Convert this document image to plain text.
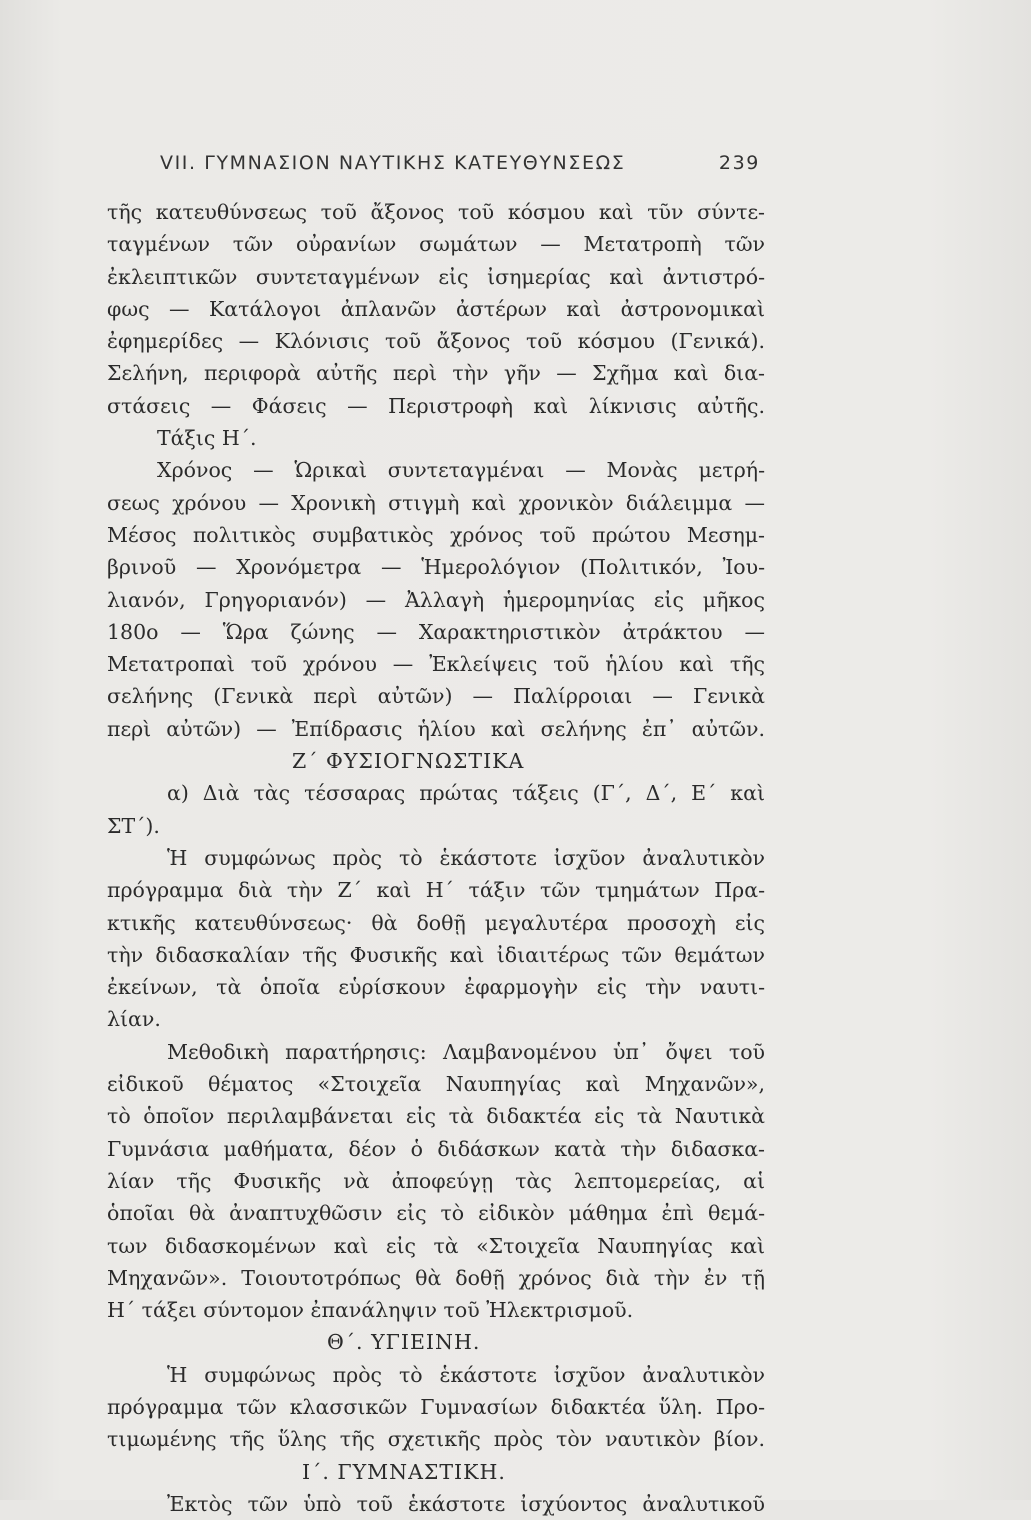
VII. ΓΥΜΝΑΣΙΟΝ ΝΑΥΤΙΚΗΣ ΚΑΤΕΥΘΥΝΣΕΩΣ	239
τῆς κατευθύνσεως τοῦ ἄξονος τοῦ κόσμου καὶ τῦν σύντε-
ταγμένων τῶν οὐρανίων σωμάτων — Μετατροπὴ τῶν
ἐκλειπτικῶν συντεταγμένων εἰς ἰσημερίας καὶ ἀντιστρό-
φως — Κατάλογοι ἀπλανῶν ἀστέρων καὶ ἀστρονομικαὶ
ἐφημερίδες — Κλόνισις τοῦ ἄξονος τοῦ κόσμου (Γενικά).
Σελήνη, περιφορὰ αὐτῆς περὶ τὴν γῆν — Σχῆμα καὶ δια-
στάσεις — Φάσεις — Περιστροφὴ καὶ λίκνισις αὐτῆς.
Τάξις Η΄.
Χρόνος — Ὡρικαὶ συντεταγμέναι — Μονὰς μετρή-
σεως χρόνου — Χρονικὴ στιγμὴ καὶ χρονικὸν διάλειμμα —
Μέσος πολιτικὸς συμβατικὸς χρόνος τοῦ πρώτου Μεσημ-
βρινοῦ — Χρονόμετρα — Ἡμερολόγιον (Πολιτικόν, Ἰου-
λιανόν, Γρηγοριανόν) — Ἀλλαγὴ ἡμερομηνίας εἰς μῆκος
180ο — Ὥρα ζώνης — Χαρακτηριστικὸν ἀτράκτου —
Μετατροπαὶ τοῦ χρόνου — Ἐκλείψεις τοῦ ἡλίου καὶ τῆς
σελήνης (Γενικὰ περὶ αὐτῶν) — Παλίρροιαι — Γενικὰ
περὶ αὐτῶν) — Ἐπίδρασις ἡλίου καὶ σελήνης ἐπ᾽ αὐτῶν.
Ζ΄ ΦΥΣΙΟΓΝΩΣΤΙΚΑ
α) Διὰ τὰς τέσσαρας πρώτας τάξεις (Γ΄, Δ΄, Ε΄ καὶ
ΣΤ΄).
Ἡ συμφώνως πρὸς τὸ ἑκάστοτε ἰσχῦον ἀναλυτικὸν
πρόγραμμα διὰ τὴν Ζ΄ καὶ Η΄ τάξιν τῶν τμημάτων Πρα-
κτικῆς κατευθύνσεως· θὰ δοθῇ μεγαλυτέρα προσοχὴ εἰς
τὴν διδασκαλίαν τῆς Φυσικῆς καὶ ἰδιαιτέρως τῶν θεμάτων
ἐκείνων, τὰ ὁποῖα εὑρίσκουν ἐφαρμογὴν εἰς τὴν ναυτι-
λίαν.
Μεθοδικὴ παρατήρησις: Λαμβανομένου ὑπ᾽ ὄψει τοῦ
εἰδικοῦ θέματος «Στοιχεῖα Ναυπηγίας καὶ Μηχανῶν»,
τὸ ὁποῖον περιλαμβάνεται εἰς τὰ διδακτέα εἰς τὰ Ναυτικὰ
Γυμνάσια μαθήματα, δέον ὁ διδάσκων κατὰ τὴν διδασκα-
λίαν τῆς Φυσικῆς νὰ ἀποφεύγῃ τὰς λεπτομερείας, αἱ
ὁποῖαι θὰ ἀναπτυχθῶσιν εἰς τὸ εἰδικὸν μάθημα ἐπὶ θεμά-
των διδασκομένων καὶ εἰς τὰ «Στοιχεῖα Ναυπηγίας καὶ
Μηχανῶν». Τοιουτοτρόπως θὰ δοθῇ χρόνος διὰ τὴν ἐν τῇ
Η΄ τάξει σύντομον ἐπανάληψιν τοῦ Ἠλεκτρισμοῦ.
Θ΄. ΥΓΙΕΙΝΗ.
Ἡ συμφώνως πρὸς τὸ ἑκάστοτε ἰσχῦον ἀναλυτικὸν
πρόγραμμα τῶν κλασσικῶν Γυμνασίων διδακτέα ὕλη. Προ-
τιμωμένης τῆς ὕλης τῆς σχετικῆς πρὸς τὸν ναυτικὸν βίον.
Ι΄. ΓΥΜΝΑΣΤΙΚΗ.
Ἐκτὸς τῶν ὑπὸ τοῦ ἑκάστοτε ἰσχύοντος ἀναλυτικοῦ
